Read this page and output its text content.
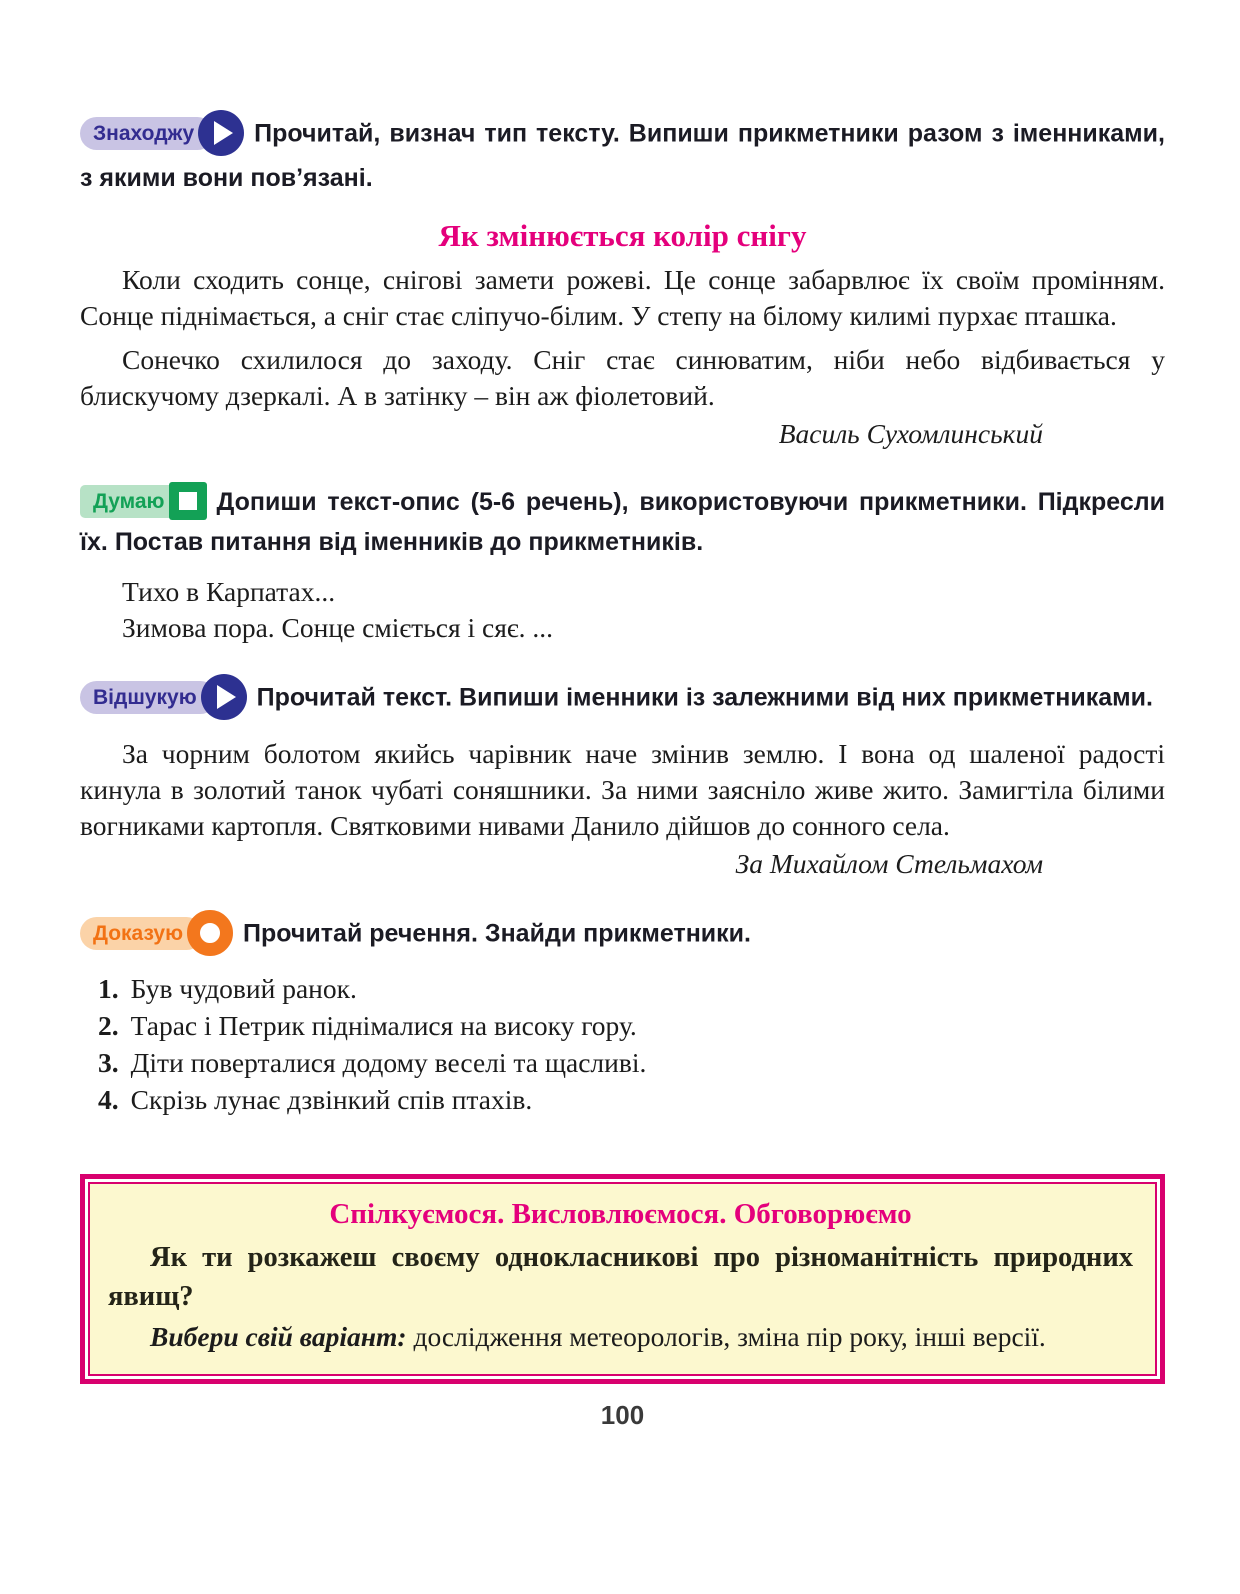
Знаходжу	Прочитай, визнач тип тексту. Випиши прикметники разом з іменниками, з якими вони пов’язані.
Як змінюється колір снігу

Коли сходить сонце, снігові замети рожеві. Це сонце забарвлює їх своїм промінням. Сонце піднімається, а сніг стає сліпучо-білим. У степу на білому килимі пурхає пташка.

Сонечко схилилося до заходу. Сніг стає синюватим, ніби небо відбивається у блискучому дзеркалі. А в затінку – він аж фіолетовий.

Василь Сухомлинський
Думаю	Допиши текст-опис (5-6 речень), використовуючи прикметники. Підкресли їх. Постав питання від іменників до прикметників.
Тихо в Карпатах...
Зимова пора. Сонце сміється і сяє. ...
Відшукую	Прочитай текст. Випиши іменники із залежними від них прикметниками.

За чорним болотом якийсь чарівник наче змінив землю. І вона од шаленої радості кинула в золотий танок чубаті соняшники. За ними заясніло живе жито. Замигтіла білими вогниками картопля. Святковими нивами Данило дійшов до сонного села.

За Михайлом Стельмахом
Доказую	Прочитай речення. Знайди прикметники.
1. Був чудовий ранок.
2. Тарас і Петрик піднімалися на високу гору.
3. Діти поверталися додому веселі та щасливі.
4. Скрізь лунає дзвінкий спів птахів.
Спілкуємося. Висловлюємося. Обговорюємо
Як ти розкажеш своєму однокласникові про різноманітність природних явищ?
Вибери свій варіант: дослідження метеорологів, зміна пір року, інші версії.
100
